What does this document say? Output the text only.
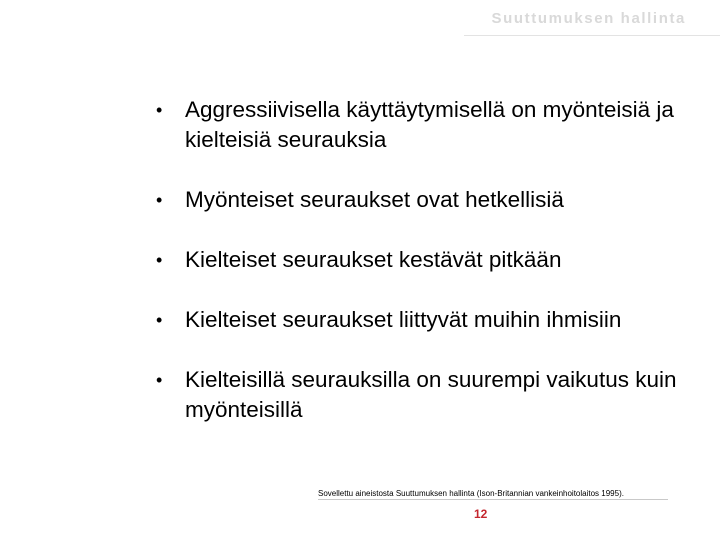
Suuttumuksen hallinta
• Aggressiivisella käyttäytymisellä on myönteisiä ja kielteisiä seurauksia
• Myönteiset seuraukset ovat hetkellisiä
• Kielteiset seuraukset kestävät pitkään
• Kielteiset seuraukset liittyvät muihin ihmisiin
• Kielteisillä seurauksilla on suurempi vaikutus kuin myönteisillä
Sovellettu aineistosta Suuttumuksen hallinta (Ison-Britannian vankeinhoitolaitos 1995).
12
